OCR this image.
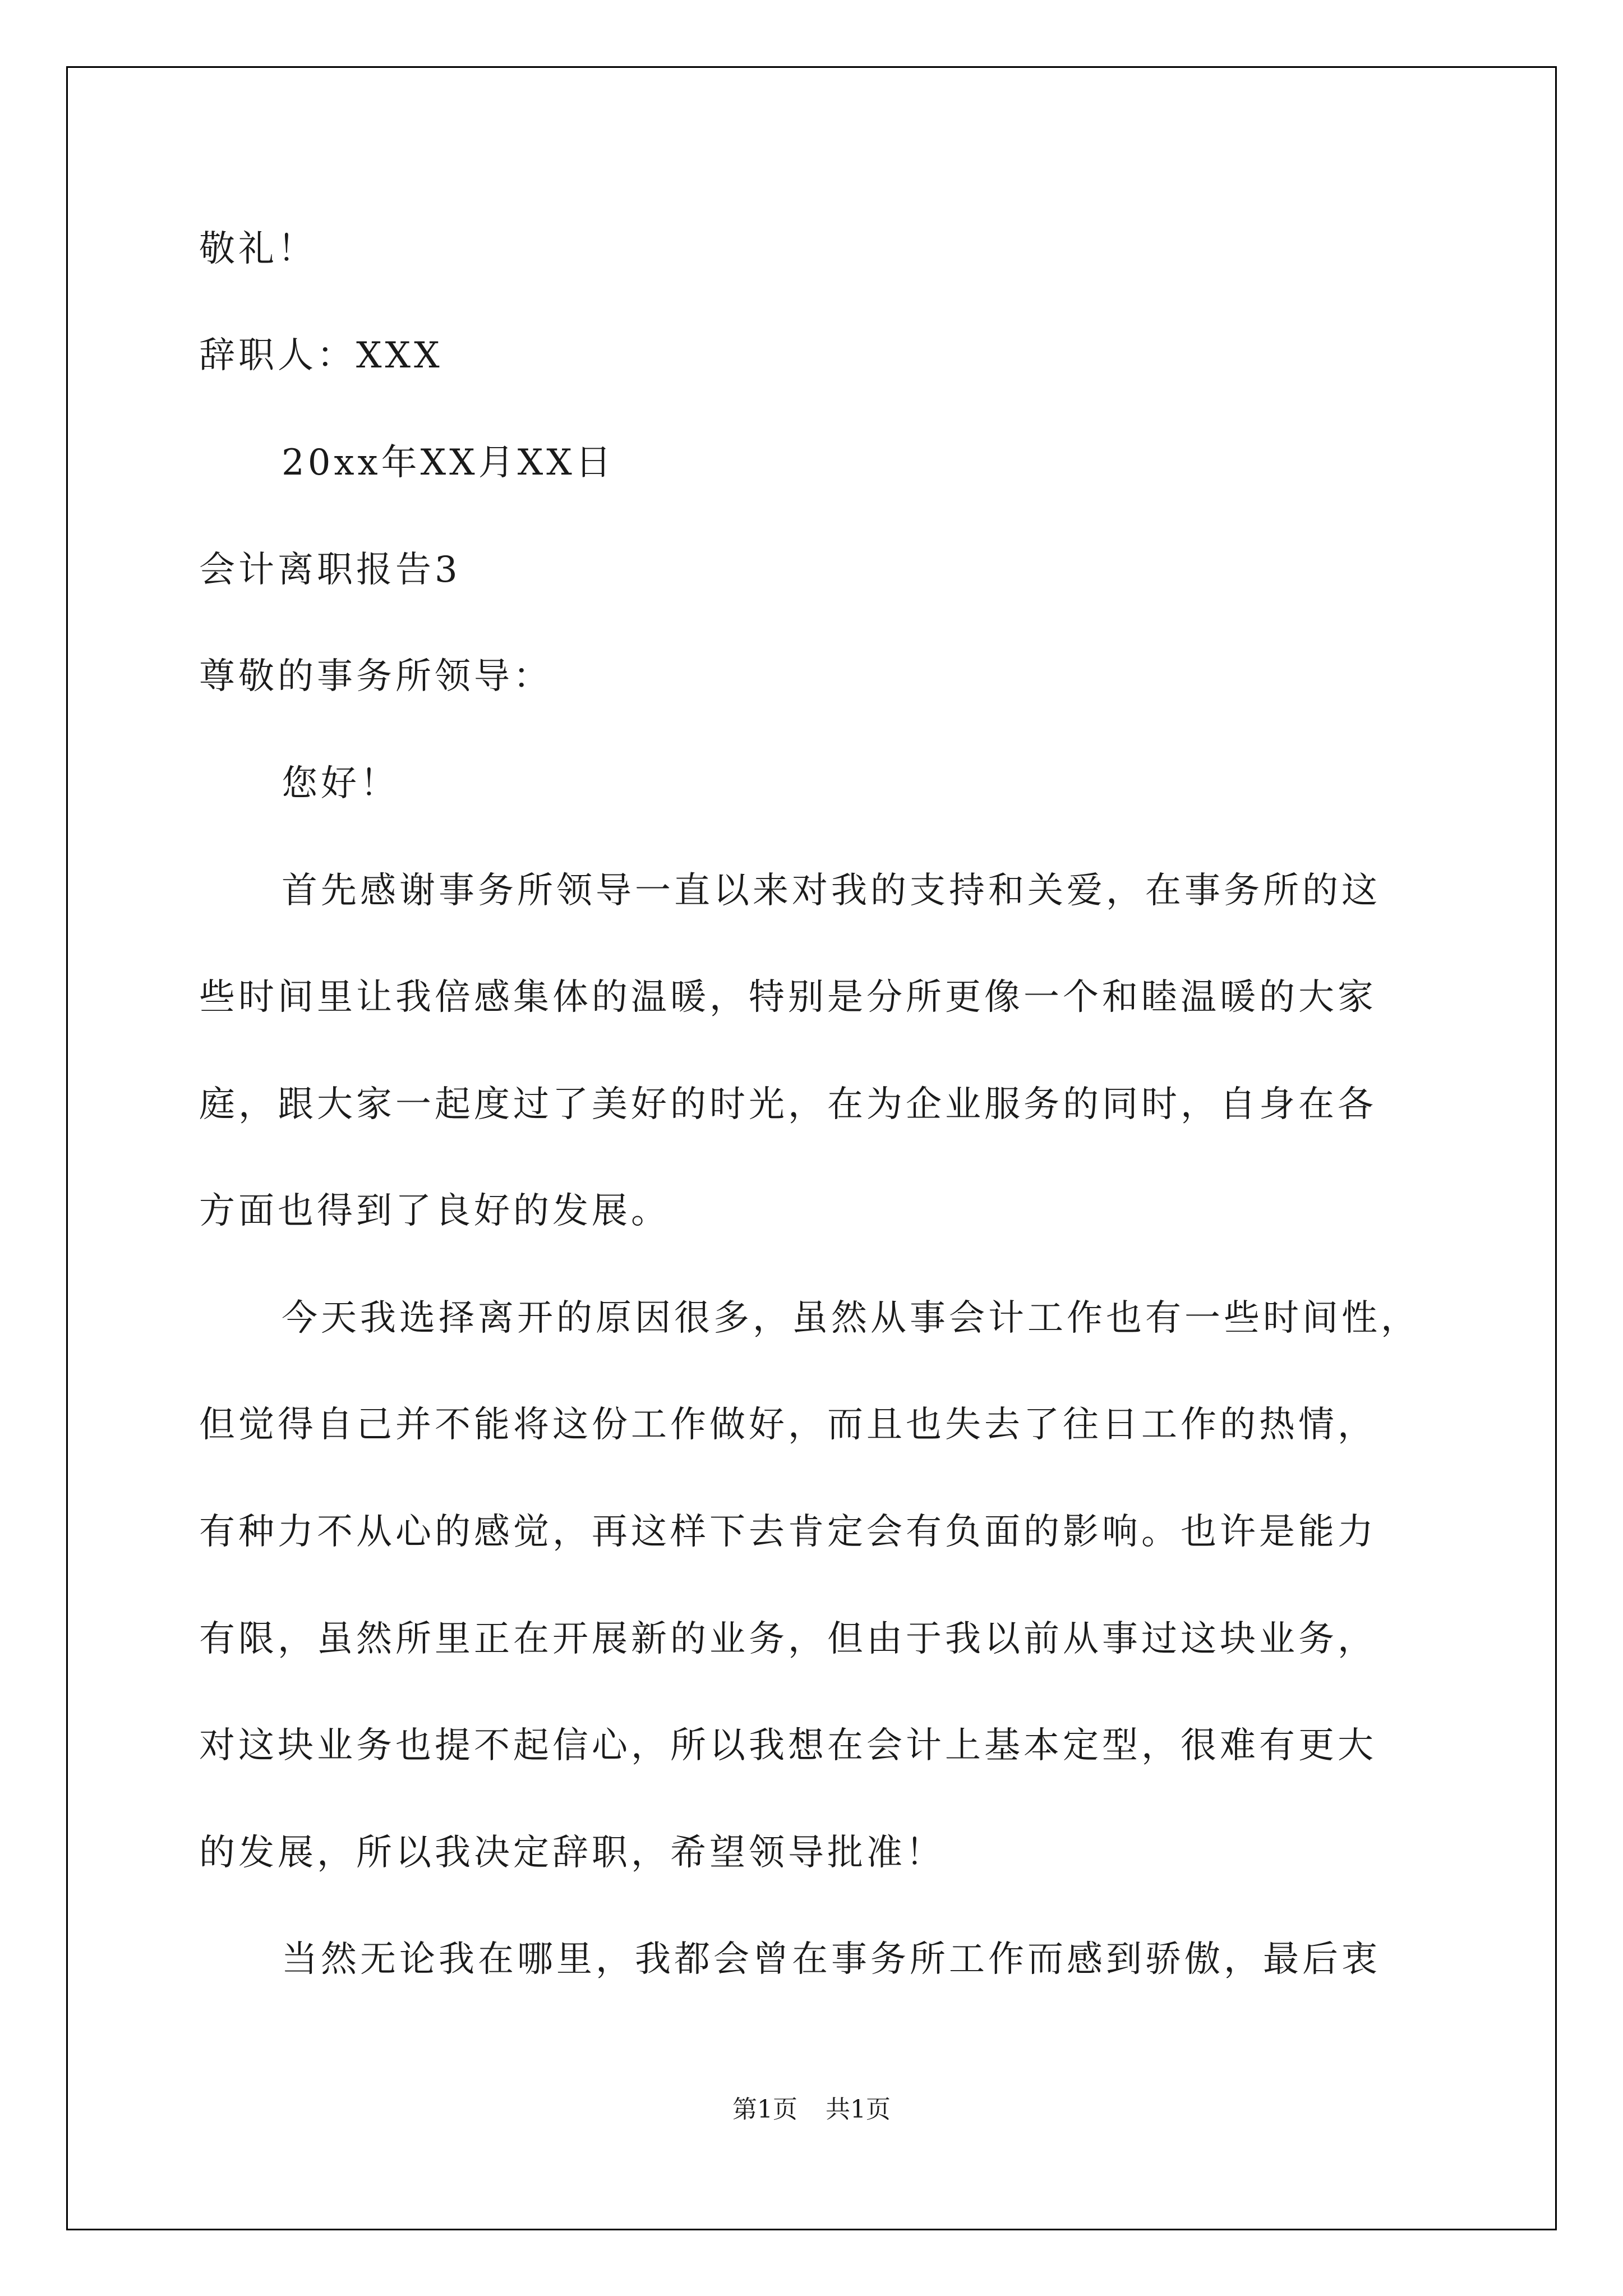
敬礼！
辞职人：XXX
20xx年XX月XX日
会计离职报告3
尊敬的事务所领导：
您好！
首先感谢事务所领导一直以来对我的支持和关爱，在事务所的这
些时间里让我倍感集体的温暖，特别是分所更像一个和睦温暖的大家
庭，跟大家一起度过了美好的时光，在为企业服务的同时，自身在各
方面也得到了良好的发展。
今天我选择离开的原因很多，虽然从事会计工作也有一些时间性，
但觉得自己并不能将这份工作做好，而且也失去了往日工作的热情，
有种力不从心的感觉，再这样下去肯定会有负面的影响。也许是能力
有限，虽然所里正在开展新的业务，但由于我以前从事过这块业务，
对这块业务也提不起信心，所以我想在会计上基本定型，很难有更大
的发展，所以我决定辞职，希望领导批准！
当然无论我在哪里，我都会曾在事务所工作而感到骄傲，最后衷
第1页 共1页
